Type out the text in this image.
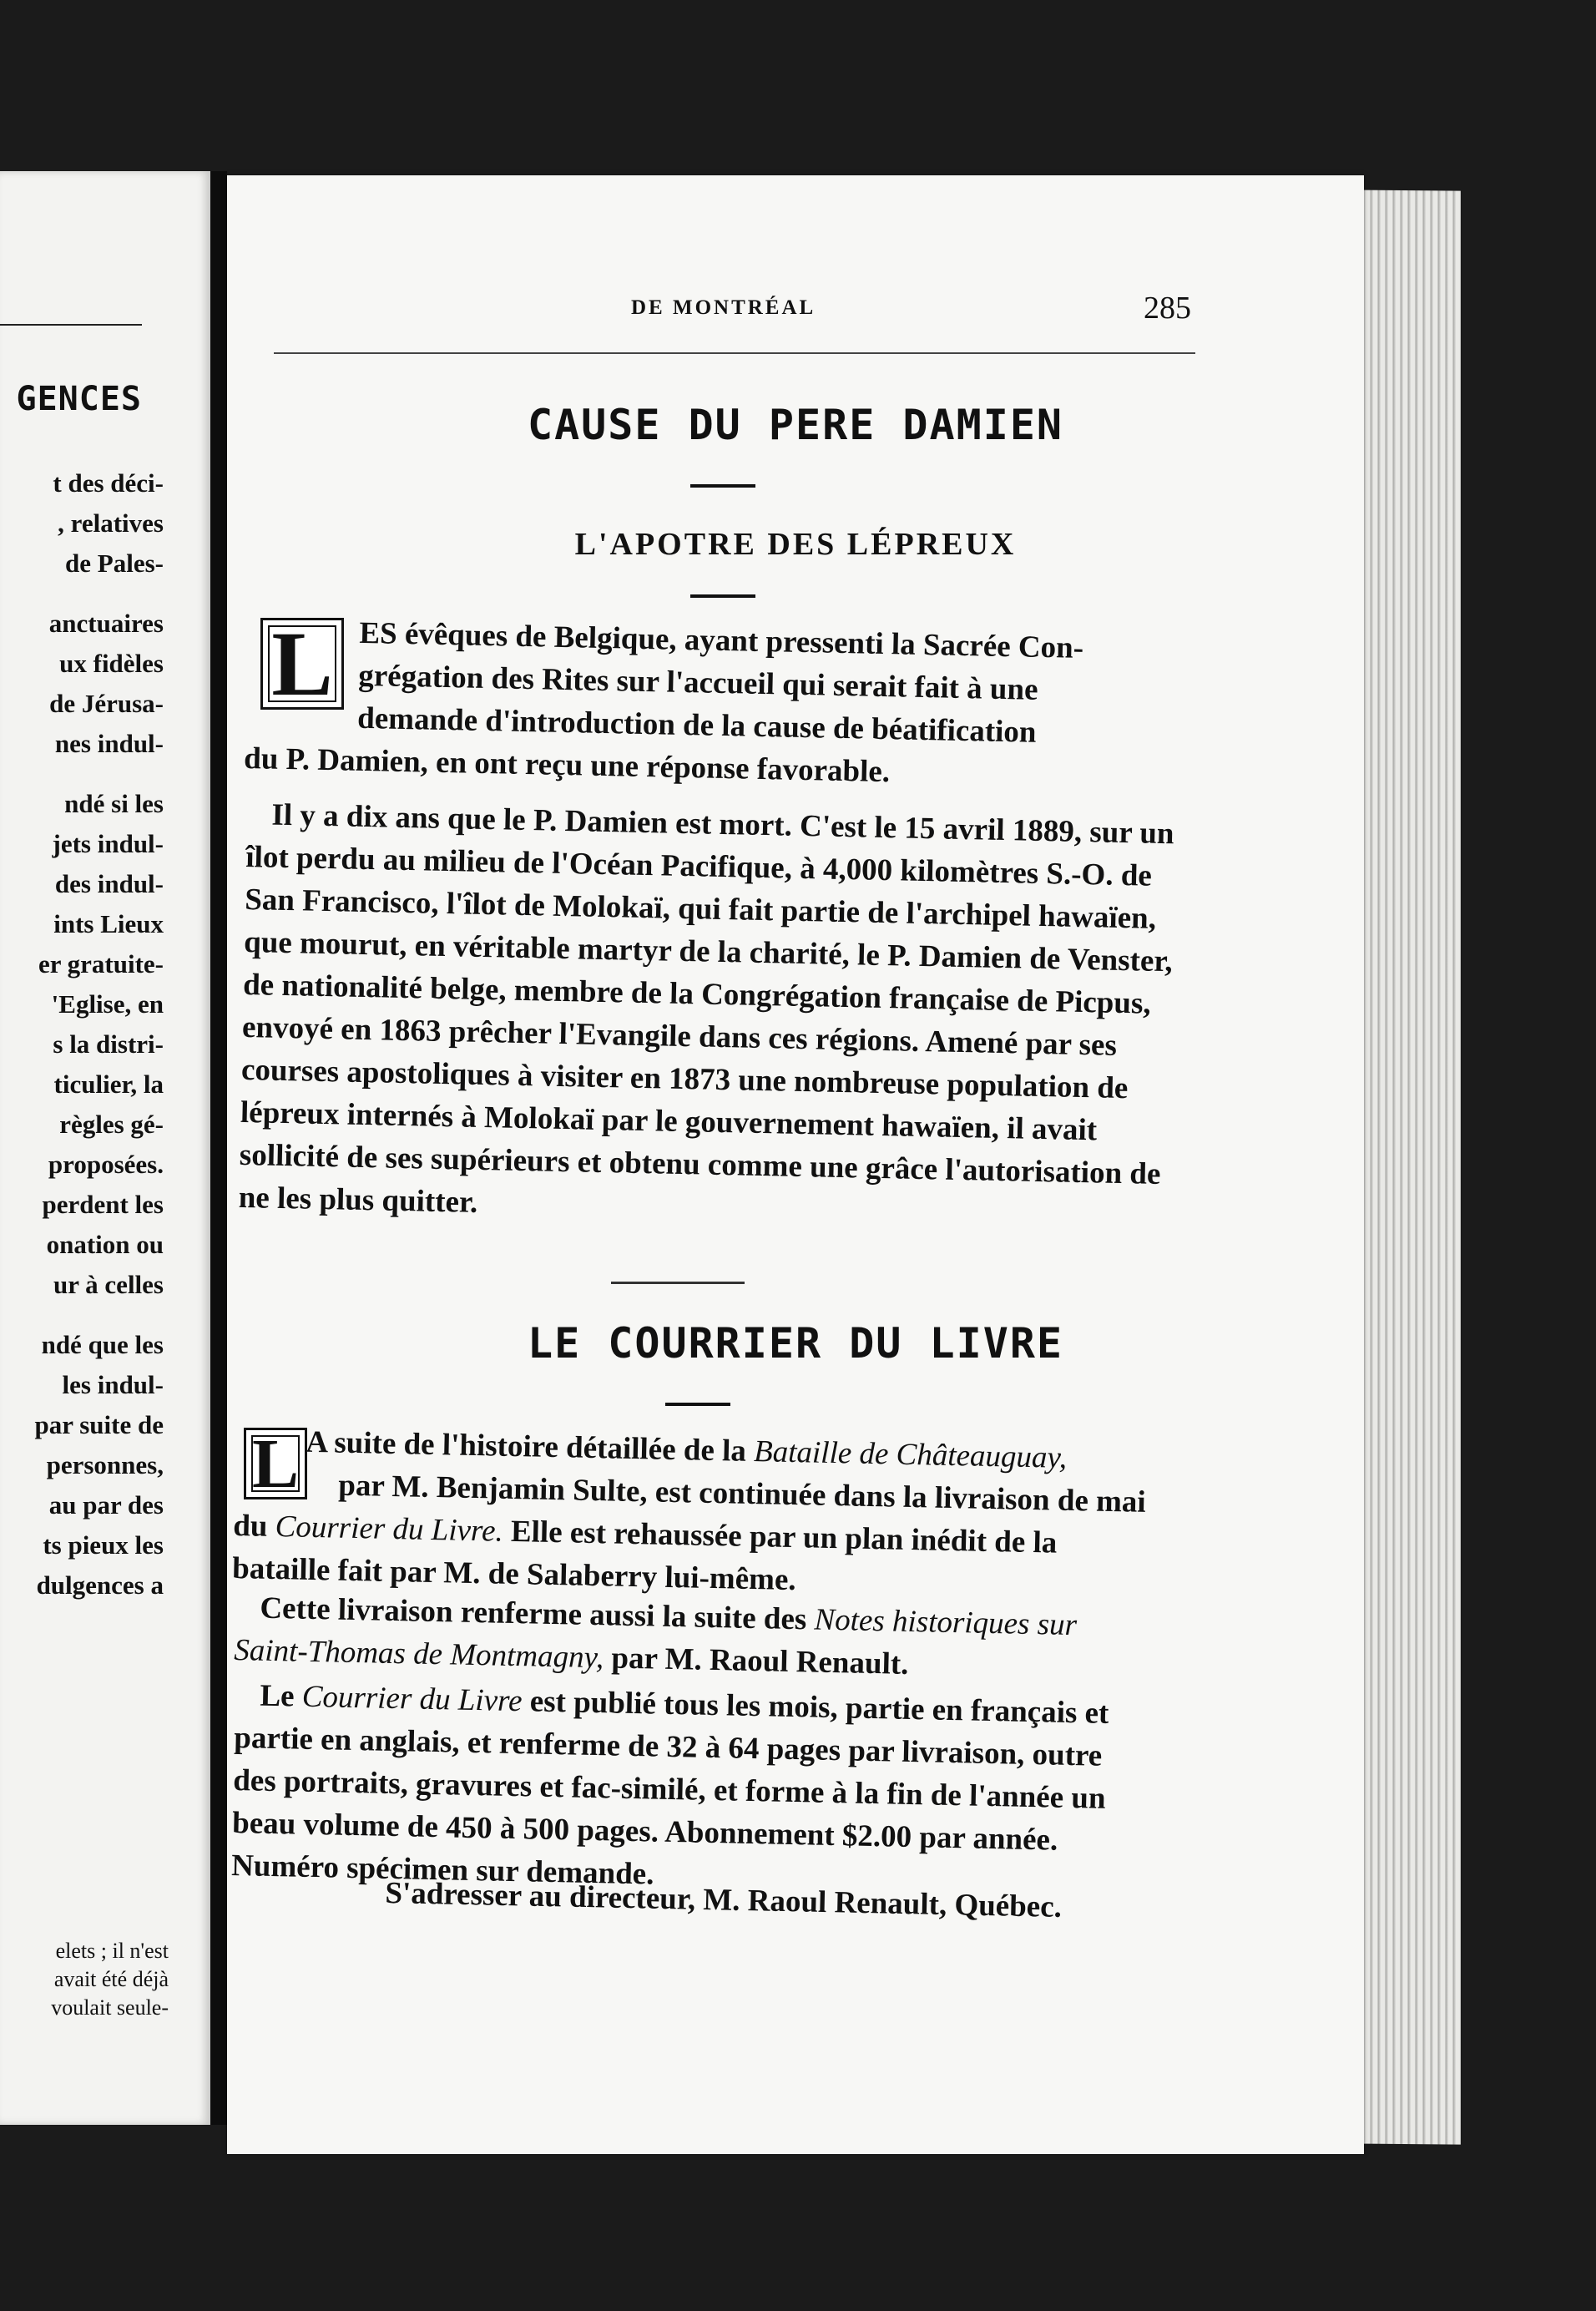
GENCES
t des déci-
, relatives
de Pales-
anctuaires
ux fidèles
de Jérusa-
nes indul-
ndé si les
jets indul-
des indul-
ints Lieux
er gratuite-
'Eglise, en
s la distri-
ticulier, la
règles gé-
proposées.
perdent les
onation ou
ur à celles
ndé que les
les indul-
par suite de
personnes,
au par des
ts pieux les
dulgences a
elets ; il n'est
avait été déjà
voulait seule-
DE MONTRÉAL	285
CAUSE DU PERE DAMIEN
L'APOTRE DES LÉPREUX
L ES évêques de Belgique, ayant pressenti la Sacrée Con-
grégation des Rites sur l'accueil qui serait fait à une
demande d'introduction de la cause de béatification
du P. Damien, en ont reçu une réponse favorable.
Il y a dix ans que le P. Damien est mort. C'est le 15 avril 1889, sur un îlot perdu au milieu de l'Océan Pacifique, à 4,000 kilomètres S.-O. de San Francisco, l'îlot de Molokaï, qui fait partie de l'archipel hawaïen, que mourut, en véritable martyr de la charité, le P. Damien de Venster, de nationalité belge, membre de la Congrégation française de Picpus, envoyé en 1863 prêcher l'Evangile dans ces régions. Amené par ses courses apostoliques à visiter en 1873 une nombreuse population de lépreux internés à Molokaï par le gouvernement hawaïen, il avait sollicité de ses supérieurs et obtenu comme une grâce l'autorisation de ne les plus quitter.
LE COURRIER DU LIVRE
L A suite de l'histoire détaillée de la Bataille de Châteauguay,
par M. Benjamin Sulte, est continuée dans la livraison de mai du Courrier du Livre. Elle est rehaussée par un plan inédit de la bataille fait par M. de Salaberry lui-même.
Cette livraison renferme aussi la suite des Notes historiques sur Saint-Thomas de Montmagny, par M. Raoul Renault.
Le Courrier du Livre est publié tous les mois, partie en français et partie en anglais, et renferme de 32 à 64 pages par livraison, outre des portraits, gravures et fac-similé, et forme à la fin de l'année un beau volume de 450 à 500 pages. Abonnement $2.00 par année. Numéro spécimen sur demande.
S'adresser au directeur, M. Raoul Renault, Québec.
